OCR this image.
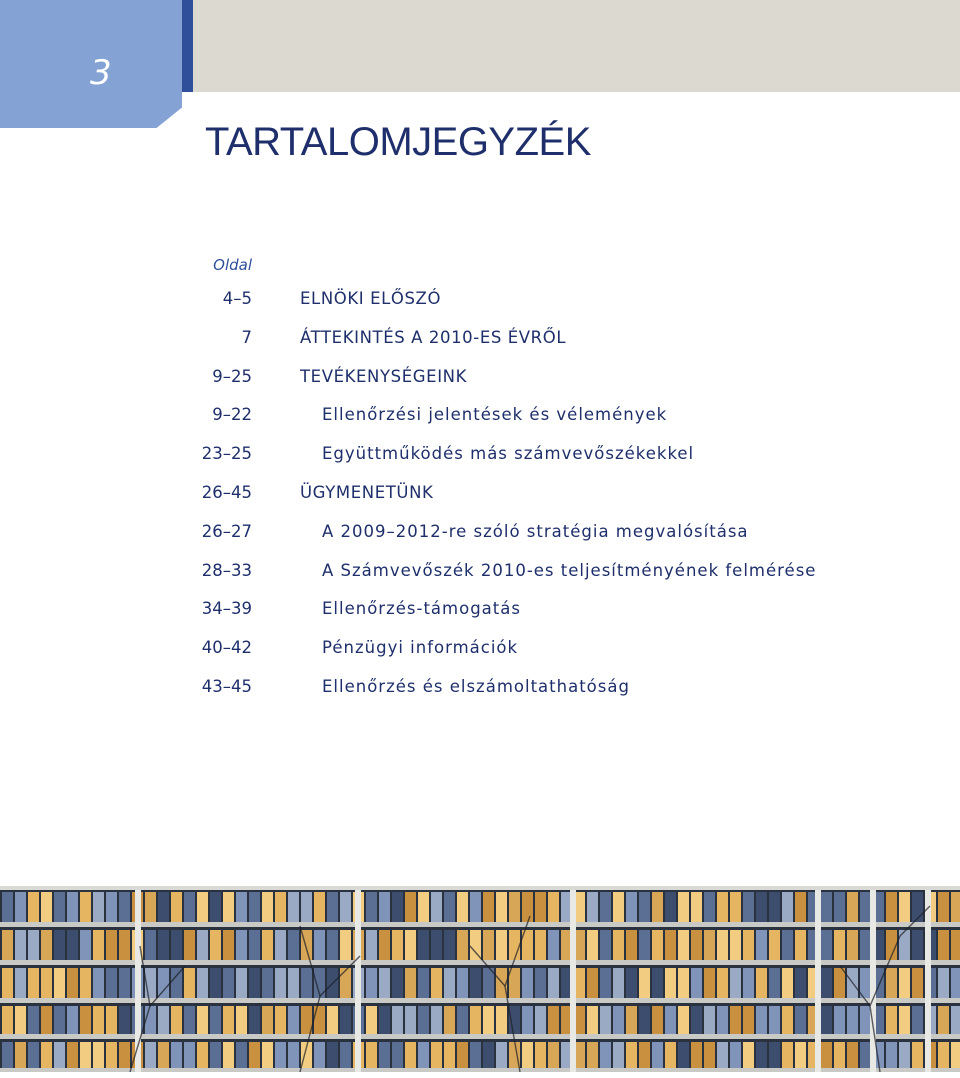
3
TARTALOMJEGYZÉK
Oldal
4–5	ELNÖKI ELŐSZÓ
7	ÁTTEKINTÉS A 2010-ES ÉVRŐL
9–25	TEVÉKENYSÉGEINK
9–22	Ellenőrzési jelentések és vélemények
23–25	Együttműködés más számvevőszékekkel
26–45	ÜGYMENETÜNK
26–27	A 2009–2012-re szóló stratégia megvalósítása
28–33	A Számvevőszék 2010-es teljesítményének felmérése
34–39	Ellenőrzés-támogatás
40–42	Pénzügyi információk
43–45	Ellenőrzés és elszámoltathatóság
